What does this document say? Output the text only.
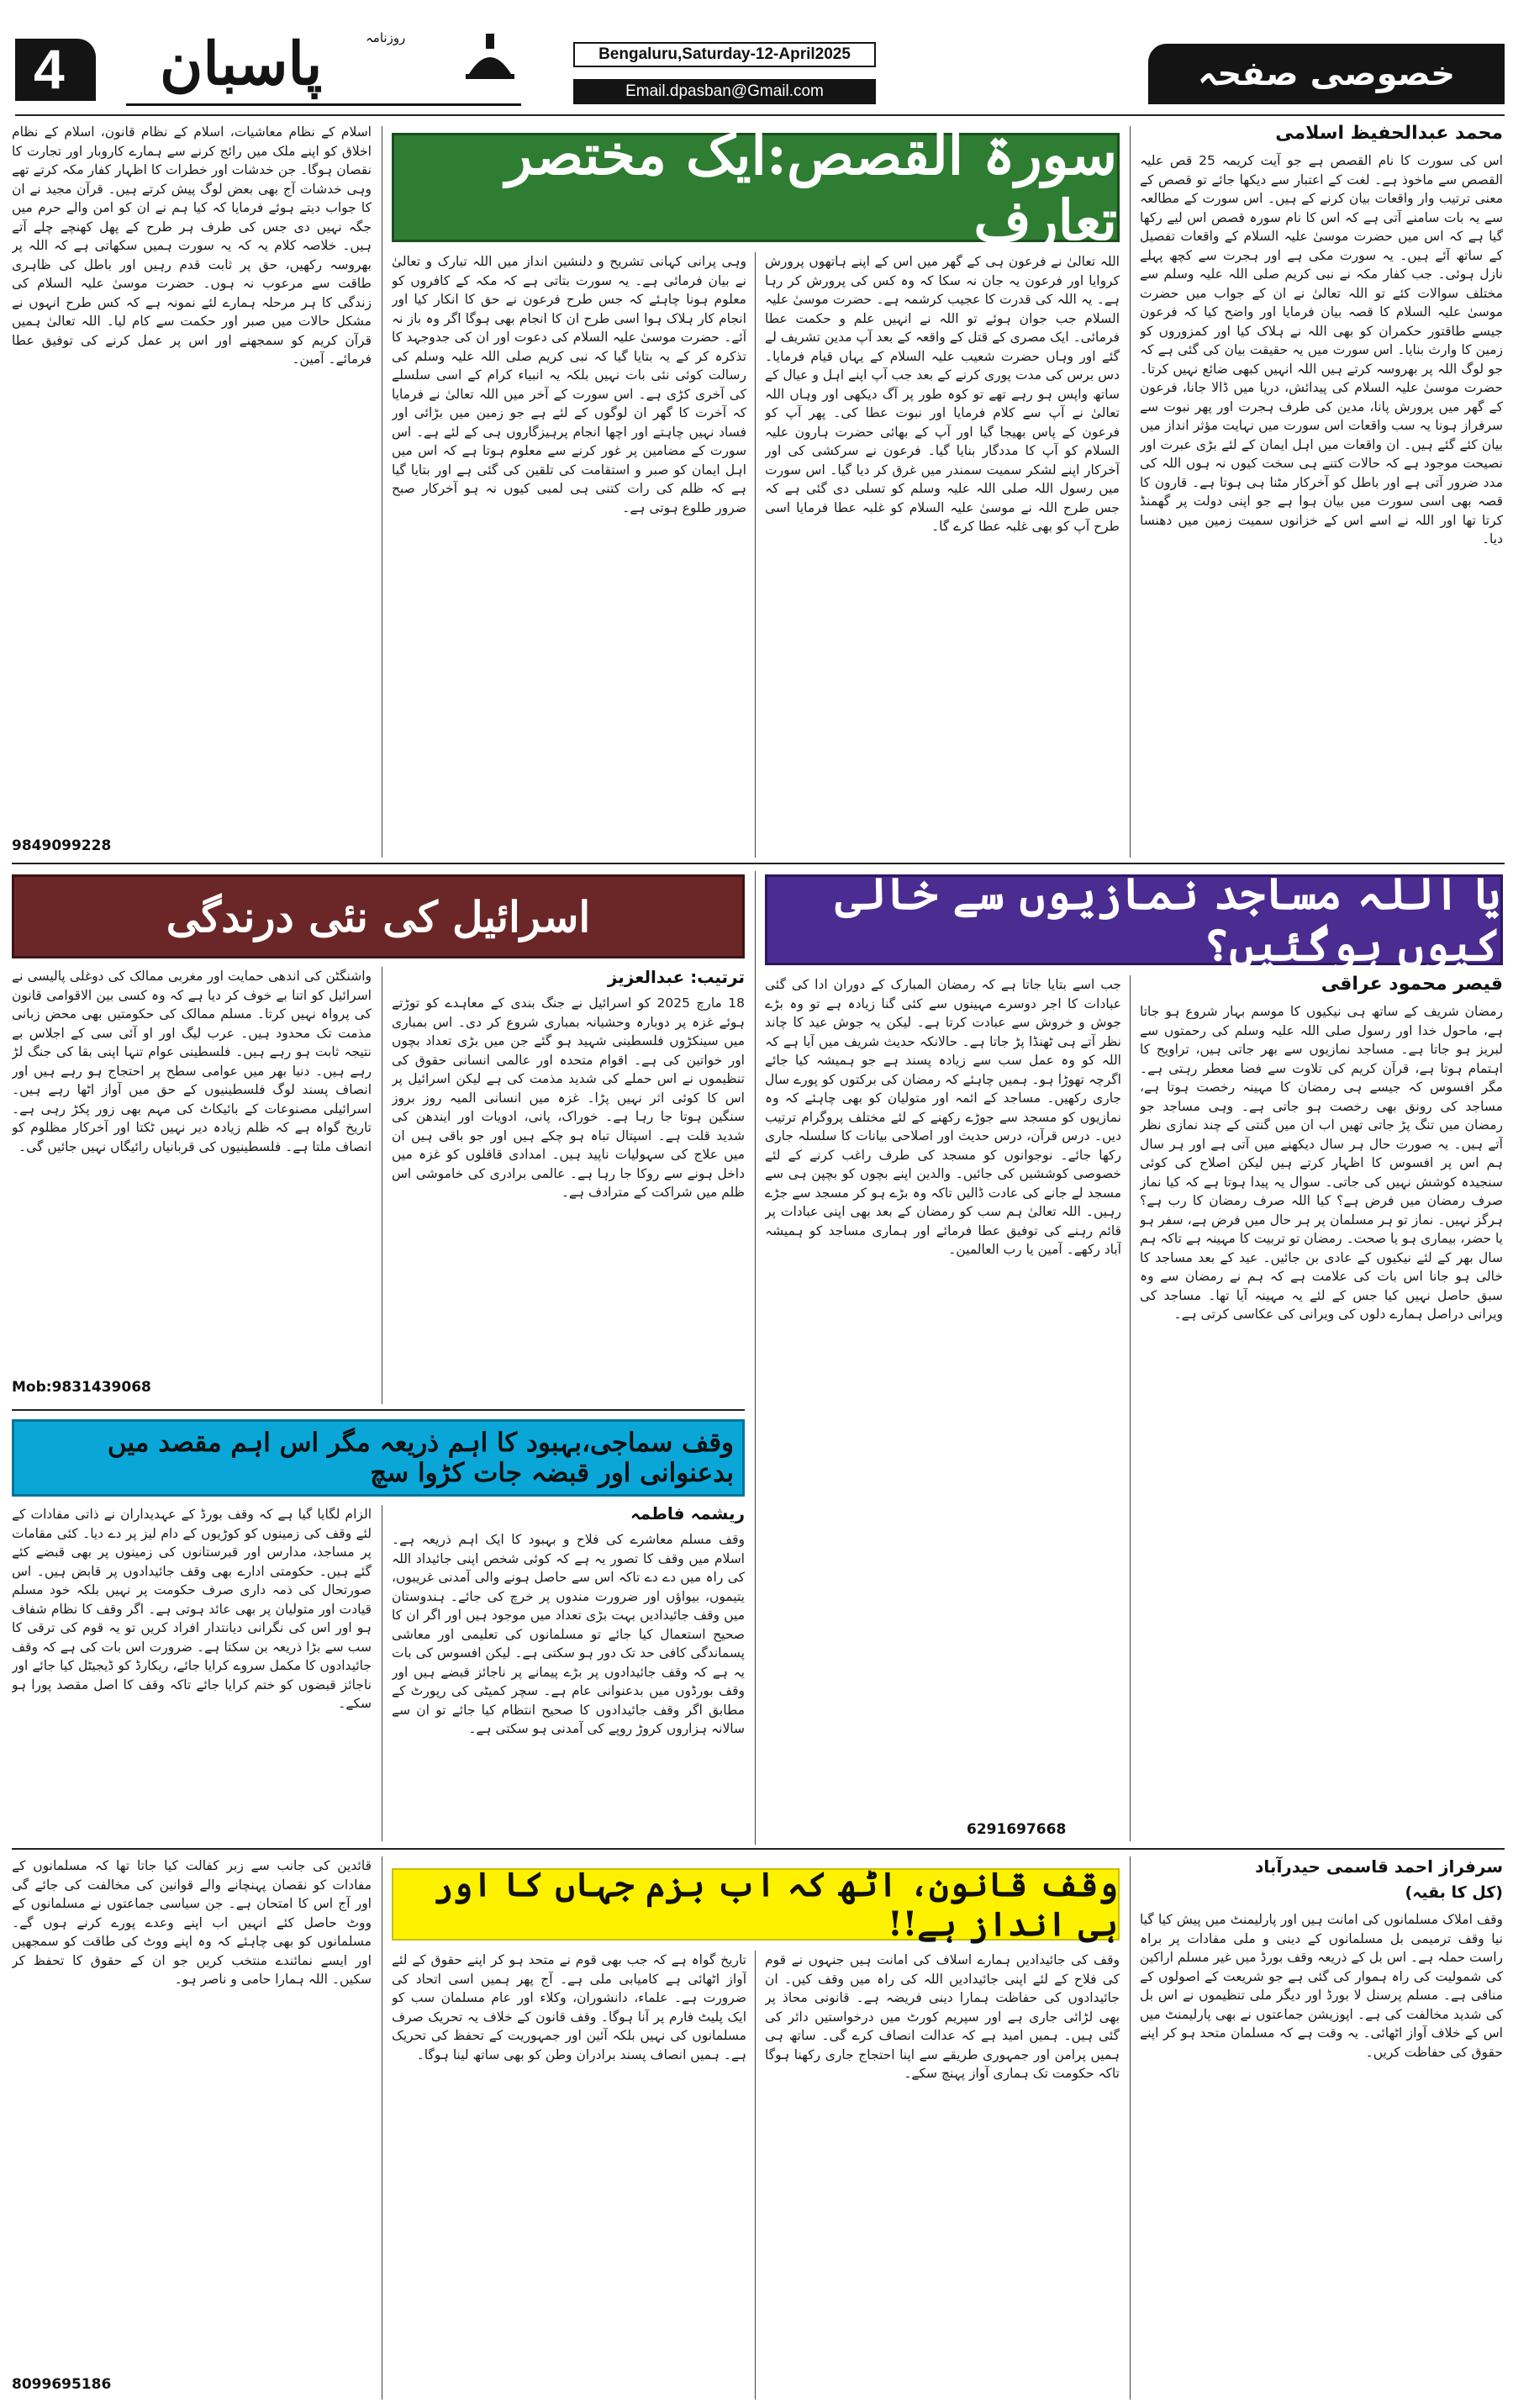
4	روزنامہ
پاسبان	Bengaluru,Saturday-12-April2025
Email.dpasban@Gmail.com	خصوصی صفحہ
محمد عبدالحفیظ اسلامی
اس کی سورت کا نام القصص ہے جو آیت کریمہ 25 قص علیہ القصص سے ماخوذ ہے۔ لغت کے اعتبار سے دیکھا جائے تو قصص کے معنی ترتیب وار واقعات بیان کرنے کے ہیں۔ اس سورت کے مطالعہ سے یہ بات سامنے آتی ہے کہ اس کا نام سورہ قصص اس لیے رکھا گیا ہے کہ اس میں حضرت موسیٰ علیہ السلام کے واقعات تفصیل کے ساتھ آئے ہیں۔ یہ سورت مکی ہے اور ہجرت سے کچھ پہلے نازل ہوئی۔ جب کفار مکہ نے نبی کریم صلی اللہ علیہ وسلم سے مختلف سوالات کئے تو اللہ تعالیٰ نے ان کے جواب میں حضرت موسیٰ علیہ السلام کا قصہ بیان فرمایا اور واضح کیا کہ فرعون جیسے طاقتور حکمران کو بھی اللہ نے ہلاک کیا اور کمزوروں کو زمین کا وارث بنایا۔ اس سورت میں یہ حقیقت بیان کی گئی ہے کہ جو لوگ اللہ پر بھروسہ کرتے ہیں اللہ انہیں کبھی ضائع نہیں کرتا۔ حضرت موسیٰ علیہ السلام کی پیدائش، دریا میں ڈالا جانا، فرعون کے گھر میں پرورش پانا، مدین کی طرف ہجرت اور پھر نبوت سے سرفراز ہونا یہ سب واقعات اس سورت میں نہایت مؤثر انداز میں بیان کئے گئے ہیں۔ ان واقعات میں اہل ایمان کے لئے بڑی عبرت اور نصیحت موجود ہے کہ حالات کتنے ہی سخت کیوں نہ ہوں اللہ کی مدد ضرور آتی ہے اور باطل کو آخرکار مٹنا ہی ہوتا ہے۔ قارون کا قصہ بھی اسی سورت میں بیان ہوا ہے جو اپنی دولت پر گھمنڈ کرتا تھا اور اللہ نے اسے اس کے خزانوں سمیت زمین میں دھنسا دیا۔
سورۃ القصص:ایک مختصر تعارف
اللہ تعالیٰ نے فرعون ہی کے گھر میں اس کے اپنے ہاتھوں پرورش کروایا اور فرعون یہ جان نہ سکا کہ وہ کس کی پرورش کر رہا ہے۔ یہ اللہ کی قدرت کا عجیب کرشمہ ہے۔ حضرت موسیٰ علیہ السلام جب جوان ہوئے تو اللہ نے انہیں علم و حکمت عطا فرمائی۔ ایک مصری کے قتل کے واقعہ کے بعد آپ مدین تشریف لے گئے اور وہاں حضرت شعیب علیہ السلام کے یہاں قیام فرمایا۔ دس برس کی مدت پوری کرنے کے بعد جب آپ اپنے اہل و عیال کے ساتھ واپس ہو رہے تھے تو کوہ طور پر آگ دیکھی اور وہاں اللہ تعالیٰ نے آپ سے کلام فرمایا اور نبوت عطا کی۔ پھر آپ کو فرعون کے پاس بھیجا گیا اور آپ کے بھائی حضرت ہارون علیہ السلام کو آپ کا مددگار بنایا گیا۔ فرعون نے سرکشی کی اور آخرکار اپنے لشکر سمیت سمندر میں غرق کر دیا گیا۔ اس سورت میں رسول اللہ صلی اللہ علیہ وسلم کو تسلی دی گئی ہے کہ جس طرح اللہ نے موسیٰ علیہ السلام کو غلبہ عطا فرمایا اسی طرح آپ کو بھی غلبہ عطا کرے گا۔
وہی پرانی کہانی تشریح و دلنشین انداز میں اللہ تبارک و تعالیٰ نے بیان فرمائی ہے۔ یہ سورت بتاتی ہے کہ مکہ کے کافروں کو معلوم ہونا چاہئے کہ جس طرح فرعون نے حق کا انکار کیا اور انجام کار ہلاک ہوا اسی طرح ان کا انجام بھی ہوگا اگر وہ باز نہ آئے۔ حضرت موسیٰ علیہ السلام کی دعوت اور ان کی جدوجہد کا تذکرہ کر کے یہ بتایا گیا کہ نبی کریم صلی اللہ علیہ وسلم کی رسالت کوئی نئی بات نہیں بلکہ یہ انبیاء کرام کے اسی سلسلے کی آخری کڑی ہے۔ اس سورت کے آخر میں اللہ تعالیٰ نے فرمایا کہ آخرت کا گھر ان لوگوں کے لئے ہے جو زمین میں بڑائی اور فساد نہیں چاہتے اور اچھا انجام پرہیزگاروں ہی کے لئے ہے۔ اس سورت کے مضامین پر غور کرنے سے معلوم ہوتا ہے کہ اس میں اہل ایمان کو صبر و استقامت کی تلقین کی گئی ہے اور بتایا گیا ہے کہ ظلم کی رات کتنی ہی لمبی کیوں نہ ہو آخرکار صبح ضرور طلوع ہوتی ہے۔
اسلام کے نظام معاشیات، اسلام کے نظام قانون، اسلام کے نظام اخلاق کو اپنے ملک میں رائج کرنے سے ہمارے کاروبار اور تجارت کا نقصان ہوگا۔ جن خدشات اور خطرات کا اظہار کفار مکہ کرتے تھے وہی خدشات آج بھی بعض لوگ پیش کرتے ہیں۔ قرآن مجید نے ان کا جواب دیتے ہوئے فرمایا کہ کیا ہم نے ان کو امن والے حرم میں جگہ نہیں دی جس کی طرف ہر طرح کے پھل کھنچے چلے آتے ہیں۔ خلاصہ کلام یہ کہ یہ سورت ہمیں سکھاتی ہے کہ اللہ پر بھروسہ رکھیں، حق پر ثابت قدم رہیں اور باطل کی ظاہری طاقت سے مرعوب نہ ہوں۔ حضرت موسیٰ علیہ السلام کی زندگی کا ہر مرحلہ ہمارے لئے نمونہ ہے کہ کس طرح انہوں نے مشکل حالات میں صبر اور حکمت سے کام لیا۔ اللہ تعالیٰ ہمیں قرآن کریم کو سمجھنے اور اس پر عمل کرنے کی توفیق عطا فرمائے۔ آمین۔
9849099228
یا اللہ مساجد نمازیوں سے خالی کیوں ہوگئیں؟
قیصر محمود عراقی
رمضان شریف کے ساتھ ہی نیکیوں کا موسم بہار شروع ہو جاتا ہے، ماحول خدا اور رسول صلی اللہ علیہ وسلم کی رحمتوں سے لبریز ہو جاتا ہے۔ مساجد نمازیوں سے بھر جاتی ہیں، تراویح کا اہتمام ہوتا ہے، قرآن کریم کی تلاوت سے فضا معطر رہتی ہے۔ مگر افسوس کہ جیسے ہی رمضان کا مہینہ رخصت ہوتا ہے، مساجد کی رونق بھی رخصت ہو جاتی ہے۔ وہی مساجد جو رمضان میں تنگ پڑ جاتی تھیں اب ان میں گنتی کے چند نمازی نظر آتے ہیں۔ یہ صورت حال ہر سال دیکھنے میں آتی ہے اور ہر سال ہم اس پر افسوس کا اظہار کرتے ہیں لیکن اصلاح کی کوئی سنجیدہ کوشش نہیں کی جاتی۔ سوال یہ پیدا ہوتا ہے کہ کیا نماز صرف رمضان میں فرض ہے؟ کیا اللہ صرف رمضان کا رب ہے؟ ہرگز نہیں۔ نماز تو ہر مسلمان پر ہر حال میں فرض ہے، سفر ہو یا حضر، بیماری ہو یا صحت۔ رمضان تو تربیت کا مہینہ ہے تاکہ ہم سال بھر کے لئے نیکیوں کے عادی بن جائیں۔ عید کے بعد مساجد کا خالی ہو جانا اس بات کی علامت ہے کہ ہم نے رمضان سے وہ سبق حاصل نہیں کیا جس کے لئے یہ مہینہ آیا تھا۔ مساجد کی ویرانی دراصل ہمارے دلوں کی ویرانی کی عکاسی کرتی ہے۔
جب اسے بتایا جاتا ہے کہ رمضان المبارک کے دوران ادا کی گئی عبادات کا اجر دوسرے مہینوں سے کئی گنا زیادہ ہے تو وہ بڑے جوش و خروش سے عبادت کرتا ہے۔ لیکن یہ جوش عید کا چاند نظر آتے ہی ٹھنڈا پڑ جاتا ہے۔ حالانکہ حدیث شریف میں آیا ہے کہ اللہ کو وہ عمل سب سے زیادہ پسند ہے جو ہمیشہ کیا جائے اگرچہ تھوڑا ہو۔ ہمیں چاہئے کہ رمضان کی برکتوں کو پورے سال جاری رکھیں۔ مساجد کے ائمہ اور متولیان کو بھی چاہئے کہ وہ نمازیوں کو مسجد سے جوڑے رکھنے کے لئے مختلف پروگرام ترتیب دیں۔ درس قرآن، درس حدیث اور اصلاحی بیانات کا سلسلہ جاری رکھا جائے۔ نوجوانوں کو مسجد کی طرف راغب کرنے کے لئے خصوصی کوششیں کی جائیں۔ والدین اپنے بچوں کو بچپن ہی سے مسجد لے جانے کی عادت ڈالیں تاکہ وہ بڑے ہو کر مسجد سے جڑے رہیں۔ اللہ تعالیٰ ہم سب کو رمضان کے بعد بھی اپنی عبادات پر قائم رہنے کی توفیق عطا فرمائے اور ہماری مساجد کو ہمیشہ آباد رکھے۔ آمین یا رب العالمین۔
6291697668
اسرائیل کی نئی درندگی
ترتیب: عبدالعزیز
18 مارچ 2025 کو اسرائیل نے جنگ بندی کے معاہدے کو توڑتے ہوئے غزہ پر دوبارہ وحشیانہ بمباری شروع کر دی۔ اس بمباری میں سینکڑوں فلسطینی شہید ہو گئے جن میں بڑی تعداد بچوں اور خواتین کی ہے۔ اقوام متحدہ اور عالمی انسانی حقوق کی تنظیموں نے اس حملے کی شدید مذمت کی ہے لیکن اسرائیل پر اس کا کوئی اثر نہیں پڑا۔ غزہ میں انسانی المیہ روز بروز سنگین ہوتا جا رہا ہے۔ خوراک، پانی، ادویات اور ایندھن کی شدید قلت ہے۔ اسپتال تباہ ہو چکے ہیں اور جو باقی ہیں ان میں علاج کی سہولیات ناپید ہیں۔ امدادی قافلوں کو غزہ میں داخل ہونے سے روکا جا رہا ہے۔ عالمی برادری کی خاموشی اس ظلم میں شراکت کے مترادف ہے۔
واشنگٹن کی اندھی حمایت اور مغربی ممالک کی دوغلی پالیسی نے اسرائیل کو اتنا بے خوف کر دیا ہے کہ وہ کسی بین الاقوامی قانون کی پرواہ نہیں کرتا۔ مسلم ممالک کی حکومتیں بھی محض زبانی مذمت تک محدود ہیں۔ عرب لیگ اور او آئی سی کے اجلاس بے نتیجہ ثابت ہو رہے ہیں۔ فلسطینی عوام تنہا اپنی بقا کی جنگ لڑ رہے ہیں۔ دنیا بھر میں عوامی سطح پر احتجاج ہو رہے ہیں اور انصاف پسند لوگ فلسطینیوں کے حق میں آواز اٹھا رہے ہیں۔ اسرائیلی مصنوعات کے بائیکاٹ کی مہم بھی زور پکڑ رہی ہے۔ تاریخ گواہ ہے کہ ظلم زیادہ دیر نہیں ٹکتا اور آخرکار مظلوم کو انصاف ملتا ہے۔ فلسطینیوں کی قربانیاں رائیگاں نہیں جائیں گی۔
Mob:9831439068
وقف سماجی،بہبود کا اہم ذریعہ مگر اس اہم مقصد میں بدعنوانی اور قبضہ جات کڑوا سچ
ریشمہ فاطمہ
وقف مسلم معاشرے کی فلاح و بہبود کا ایک اہم ذریعہ ہے۔ اسلام میں وقف کا تصور یہ ہے کہ کوئی شخص اپنی جائیداد اللہ کی راہ میں دے دے تاکہ اس سے حاصل ہونے والی آمدنی غریبوں، یتیموں، بیواؤں اور ضرورت مندوں پر خرچ کی جائے۔ ہندوستان میں وقف جائیدادیں بہت بڑی تعداد میں موجود ہیں اور اگر ان کا صحیح استعمال کیا جائے تو مسلمانوں کی تعلیمی اور معاشی پسماندگی کافی حد تک دور ہو سکتی ہے۔ لیکن افسوس کی بات یہ ہے کہ وقف جائیدادوں پر بڑے پیمانے پر ناجائز قبضے ہیں اور وقف بورڈوں میں بدعنوانی عام ہے۔ سچر کمیٹی کی رپورٹ کے مطابق اگر وقف جائیدادوں کا صحیح انتظام کیا جائے تو ان سے سالانہ ہزاروں کروڑ روپے کی آمدنی ہو سکتی ہے۔
الزام لگایا گیا ہے کہ وقف بورڈ کے عہدیداران نے ذاتی مفادات کے لئے وقف کی زمینوں کو کوڑیوں کے دام لیز پر دے دیا۔ کئی مقامات پر مساجد، مدارس اور قبرستانوں کی زمینوں پر بھی قبضے کئے گئے ہیں۔ حکومتی ادارے بھی وقف جائیدادوں پر قابض ہیں۔ اس صورتحال کی ذمہ داری صرف حکومت پر نہیں بلکہ خود مسلم قیادت اور متولیان پر بھی عائد ہوتی ہے۔ اگر وقف کا نظام شفاف ہو اور اس کی نگرانی دیانتدار افراد کریں تو یہ قوم کی ترقی کا سب سے بڑا ذریعہ بن سکتا ہے۔ ضرورت اس بات کی ہے کہ وقف جائیدادوں کا مکمل سروے کرایا جائے، ریکارڈ کو ڈیجیٹل کیا جائے اور ناجائز قبضوں کو ختم کرایا جائے تاکہ وقف کا اصل مقصد پورا ہو سکے۔
سرفراز احمد قاسمی حیدرآباد
(کل کا بقیہ)
وقف املاک مسلمانوں کی امانت ہیں اور پارلیمنٹ میں پیش کیا گیا نیا وقف ترمیمی بل مسلمانوں کے دینی و ملی مفادات پر براہ راست حملہ ہے۔ اس بل کے ذریعہ وقف بورڈ میں غیر مسلم اراکین کی شمولیت کی راہ ہموار کی گئی ہے جو شریعت کے اصولوں کے منافی ہے۔ مسلم پرسنل لا بورڈ اور دیگر ملی تنظیموں نے اس بل کی شدید مخالفت کی ہے۔ اپوزیشن جماعتوں نے بھی پارلیمنٹ میں اس کے خلاف آواز اٹھائی۔ یہ وقت ہے کہ مسلمان متحد ہو کر اپنے حقوق کی حفاظت کریں۔
وقف قانون، اٹھ کہ اب بزم جہاں کا اور ہی انداز ہے!!
وقف کی جائیدادیں ہمارے اسلاف کی امانت ہیں جنہوں نے قوم کی فلاح کے لئے اپنی جائیدادیں اللہ کی راہ میں وقف کیں۔ ان جائیدادوں کی حفاظت ہمارا دینی فریضہ ہے۔ قانونی محاذ پر بھی لڑائی جاری ہے اور سپریم کورٹ میں درخواستیں دائر کی گئی ہیں۔ ہمیں امید ہے کہ عدالت انصاف کرے گی۔ ساتھ ہی ہمیں پرامن اور جمہوری طریقے سے اپنا احتجاج جاری رکھنا ہوگا تاکہ حکومت تک ہماری آواز پہنچ سکے۔
تاریخ گواہ ہے کہ جب بھی قوم نے متحد ہو کر اپنے حقوق کے لئے آواز اٹھائی ہے کامیابی ملی ہے۔ آج پھر ہمیں اسی اتحاد کی ضرورت ہے۔ علماء، دانشوران، وکلاء اور عام مسلمان سب کو ایک پلیٹ فارم پر آنا ہوگا۔ وقف قانون کے خلاف یہ تحریک صرف مسلمانوں کی نہیں بلکہ آئین اور جمہوریت کے تحفظ کی تحریک ہے۔ ہمیں انصاف پسند برادران وطن کو بھی ساتھ لینا ہوگا۔
قائدین کی جانب سے زبر کفالت کیا جاتا تھا کہ مسلمانوں کے مفادات کو نقصان پہنچانے والے قوانین کی مخالفت کی جائے گی اور آج اس کا امتحان ہے۔ جن سیاسی جماعتوں نے مسلمانوں کے ووٹ حاصل کئے انہیں اب اپنے وعدے پورے کرنے ہوں گے۔ مسلمانوں کو بھی چاہئے کہ وہ اپنے ووٹ کی طاقت کو سمجھیں اور ایسے نمائندے منتخب کریں جو ان کے حقوق کا تحفظ کر سکیں۔ اللہ ہمارا حامی و ناصر ہو۔
8099695186
